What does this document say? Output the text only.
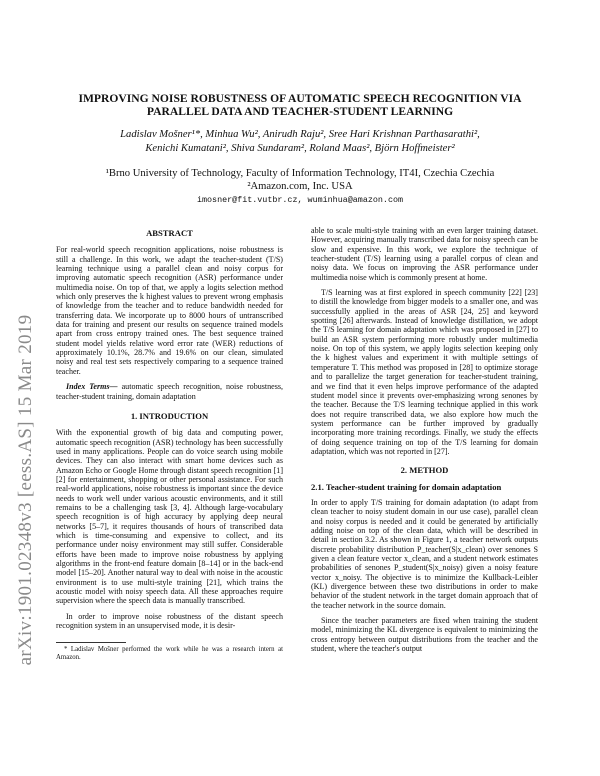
arXiv:1901.02348v3 [eess.AS] 15 Mar 2019
IMPROVING NOISE ROBUSTNESS OF AUTOMATIC SPEECH RECOGNITION VIA
PARALLEL DATA AND TEACHER-STUDENT LEARNING
Ladislav Mošner¹*, Minhua Wu², Anirudh Raju², Sree Hari Krishnan Parthasarathi²,
Kenichi Kumatani², Shiva Sundaram², Roland Maas², Björn Hoffmeister²
¹Brno University of Technology, Faculty of Information Technology, IT4I, Czechia Czechia
²Amazon.com, Inc. USA
imosner@fit.vutbr.cz, wuminhua@amazon.com
ABSTRACT

For real-world speech recognition applications, noise robustness is still a challenge. In this work, we adapt the teacher-student (T/S) learning technique using a parallel clean and noisy corpus for improving automatic speech recognition (ASR) performance under multimedia noise. On top of that, we apply a logits selection method which only preserves the k highest values to prevent wrong emphasis of knowledge from the teacher and to reduce bandwidth needed for transferring data. We incorporate up to 8000 hours of untranscribed data for training and present our results on sequence trained models apart from cross entropy trained ones. The best sequence trained student model yields relative word error rate (WER) reductions of approximately 10.1%, 28.7% and 19.6% on our clean, simulated noisy and real test sets respectively comparing to a sequence trained teacher.

Index Terms— automatic speech recognition, noise robustness, teacher-student training, domain adaptation

1. INTRODUCTION

With the exponential growth of big data and computing power, automatic speech recognition (ASR) technology has been successfully used in many applications. People can do voice search using mobile devices. They can also interact with smart home devices such as Amazon Echo or Google Home through distant speech recognition [1] [2] for entertainment, shopping or other personal assistance. For such real-world applications, noise robustness is important since the device needs to work well under various acoustic environments, and it still remains to be a challenging task [3, 4]. Although large-vocabulary speech recognition is of high accuracy by applying deep neural networks [5–7], it requires thousands of hours of transcribed data which is time-consuming and expensive to collect, and its performance under noisy environment may still suffer. Considerable efforts have been made to improve noise robustness by applying algorithms in the front-end feature domain [8–14] or in the back-end model [15–20]. Another natural way to deal with noise in the acoustic environment is to use multi-style training [21], which trains the acoustic model with noisy speech data. All these approaches require supervision where the speech data is manually transcribed.

In order to improve noise robustness of the distant speech recognition system in an unsupervised mode, it is desir-

* Ladislav Mošner performed the work while he was a research intern at Amazon.

able to scale multi-style training with an even larger training dataset. However, acquiring manually transcribed data for noisy speech can be slow and expensive. In this work, we explore the technique of teacher-student (T/S) learning using a parallel corpus of clean and noisy data. We focus on improving the ASR performance under multimedia noise which is commonly present at home.

T/S learning was at first explored in speech community [22] [23] to distill the knowledge from bigger models to a smaller one, and was successfully applied in the areas of ASR [24, 25] and keyword spotting [26] afterwards. Instead of knowledge distillation, we adopt the T/S learning for domain adaptation which was proposed in [27] to build an ASR system performing more robustly under multimedia noise. On top of this system, we apply logits selection keeping only the k highest values and experiment it with multiple settings of temperature T. This method was proposed in [28] to optimize storage and to parallelize the target generation for teacher-student training, and we find that it even helps improve performance of the adapted student model since it prevents over-emphasizing wrong senones by the teacher. Because the T/S learning technique applied in this work does not require transcribed data, we also explore how much the system performance can be further improved by gradually incorporating more training recordings. Finally, we study the effects of doing sequence training on top of the T/S learning for domain adaptation, which was not reported in [27].

2. METHOD
2.1. Teacher-student training for domain adaptation

In order to apply T/S training for domain adaptation (to adapt from clean teacher to noisy student domain in our use case), parallel clean and noisy corpus is needed and it could be generated by artificially adding noise on top of the clean data, which will be described in detail in section 3.2. As shown in Figure 1, a teacher network outputs discrete probability distribution P_teacher(S|x_clean) over senones S given a clean feature vector x_clean, and a student network estimates probabilities of senones P_student(S|x_noisy) given a noisy feature vector x_noisy. The objective is to minimize the Kullback-Leibler (KL) divergence between these two distributions in order to make behavior of the student network in the target domain approach that of the teacher network in the source domain.

Since the teacher parameters are fixed when training the student model, minimizing the KL divergence is equivalent to minimizing the cross entropy between output distributions from the teacher and the student, where the teacher's output
